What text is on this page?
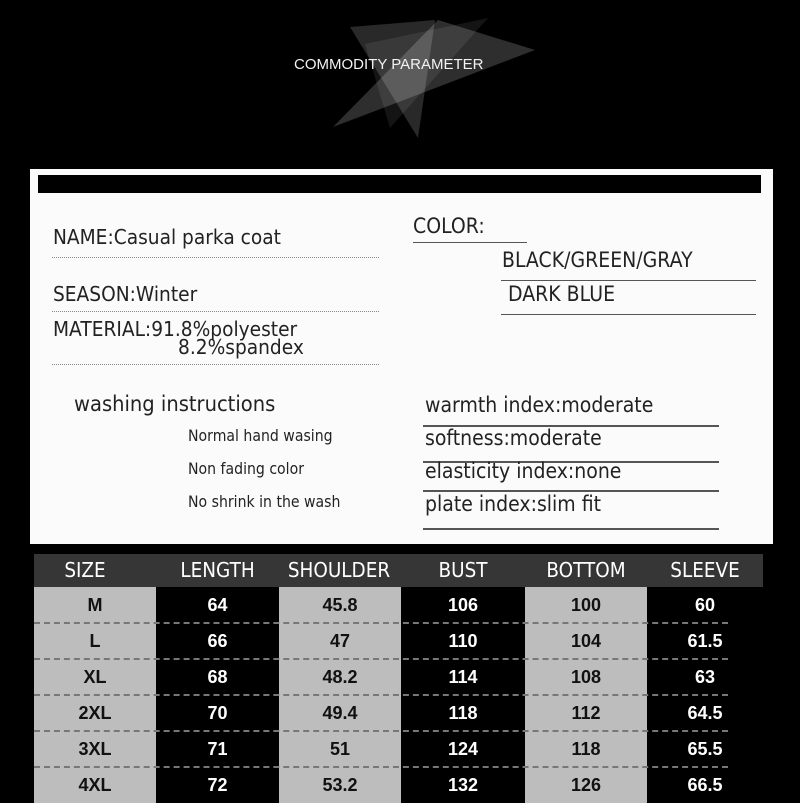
COMMODITY PARAMETER
NAME:Casual parka coat
SEASON:Winter
MATERIAL:91.8%polyester
8.2%spandex
COLOR:
BLACK/GREEN/GRAY
DARK BLUE
washing instructions
Normal hand wasing
Non fading color
No shrink in the wash
warmth index:moderate
softness:moderate
elasticity index:none
plate index:slim fit
SIZE	LENGTH	SHOULDER	BUST	BOTTOM	SLEEVE
M	64	45.8	106	100	60
L	66	47	110	104	61.5
XL	68	48.2	114	108	63
2XL	70	49.4	118	112	64.5
3XL	71	51	124	118	65.5
4XL	72	53.2	132	126	66.5
